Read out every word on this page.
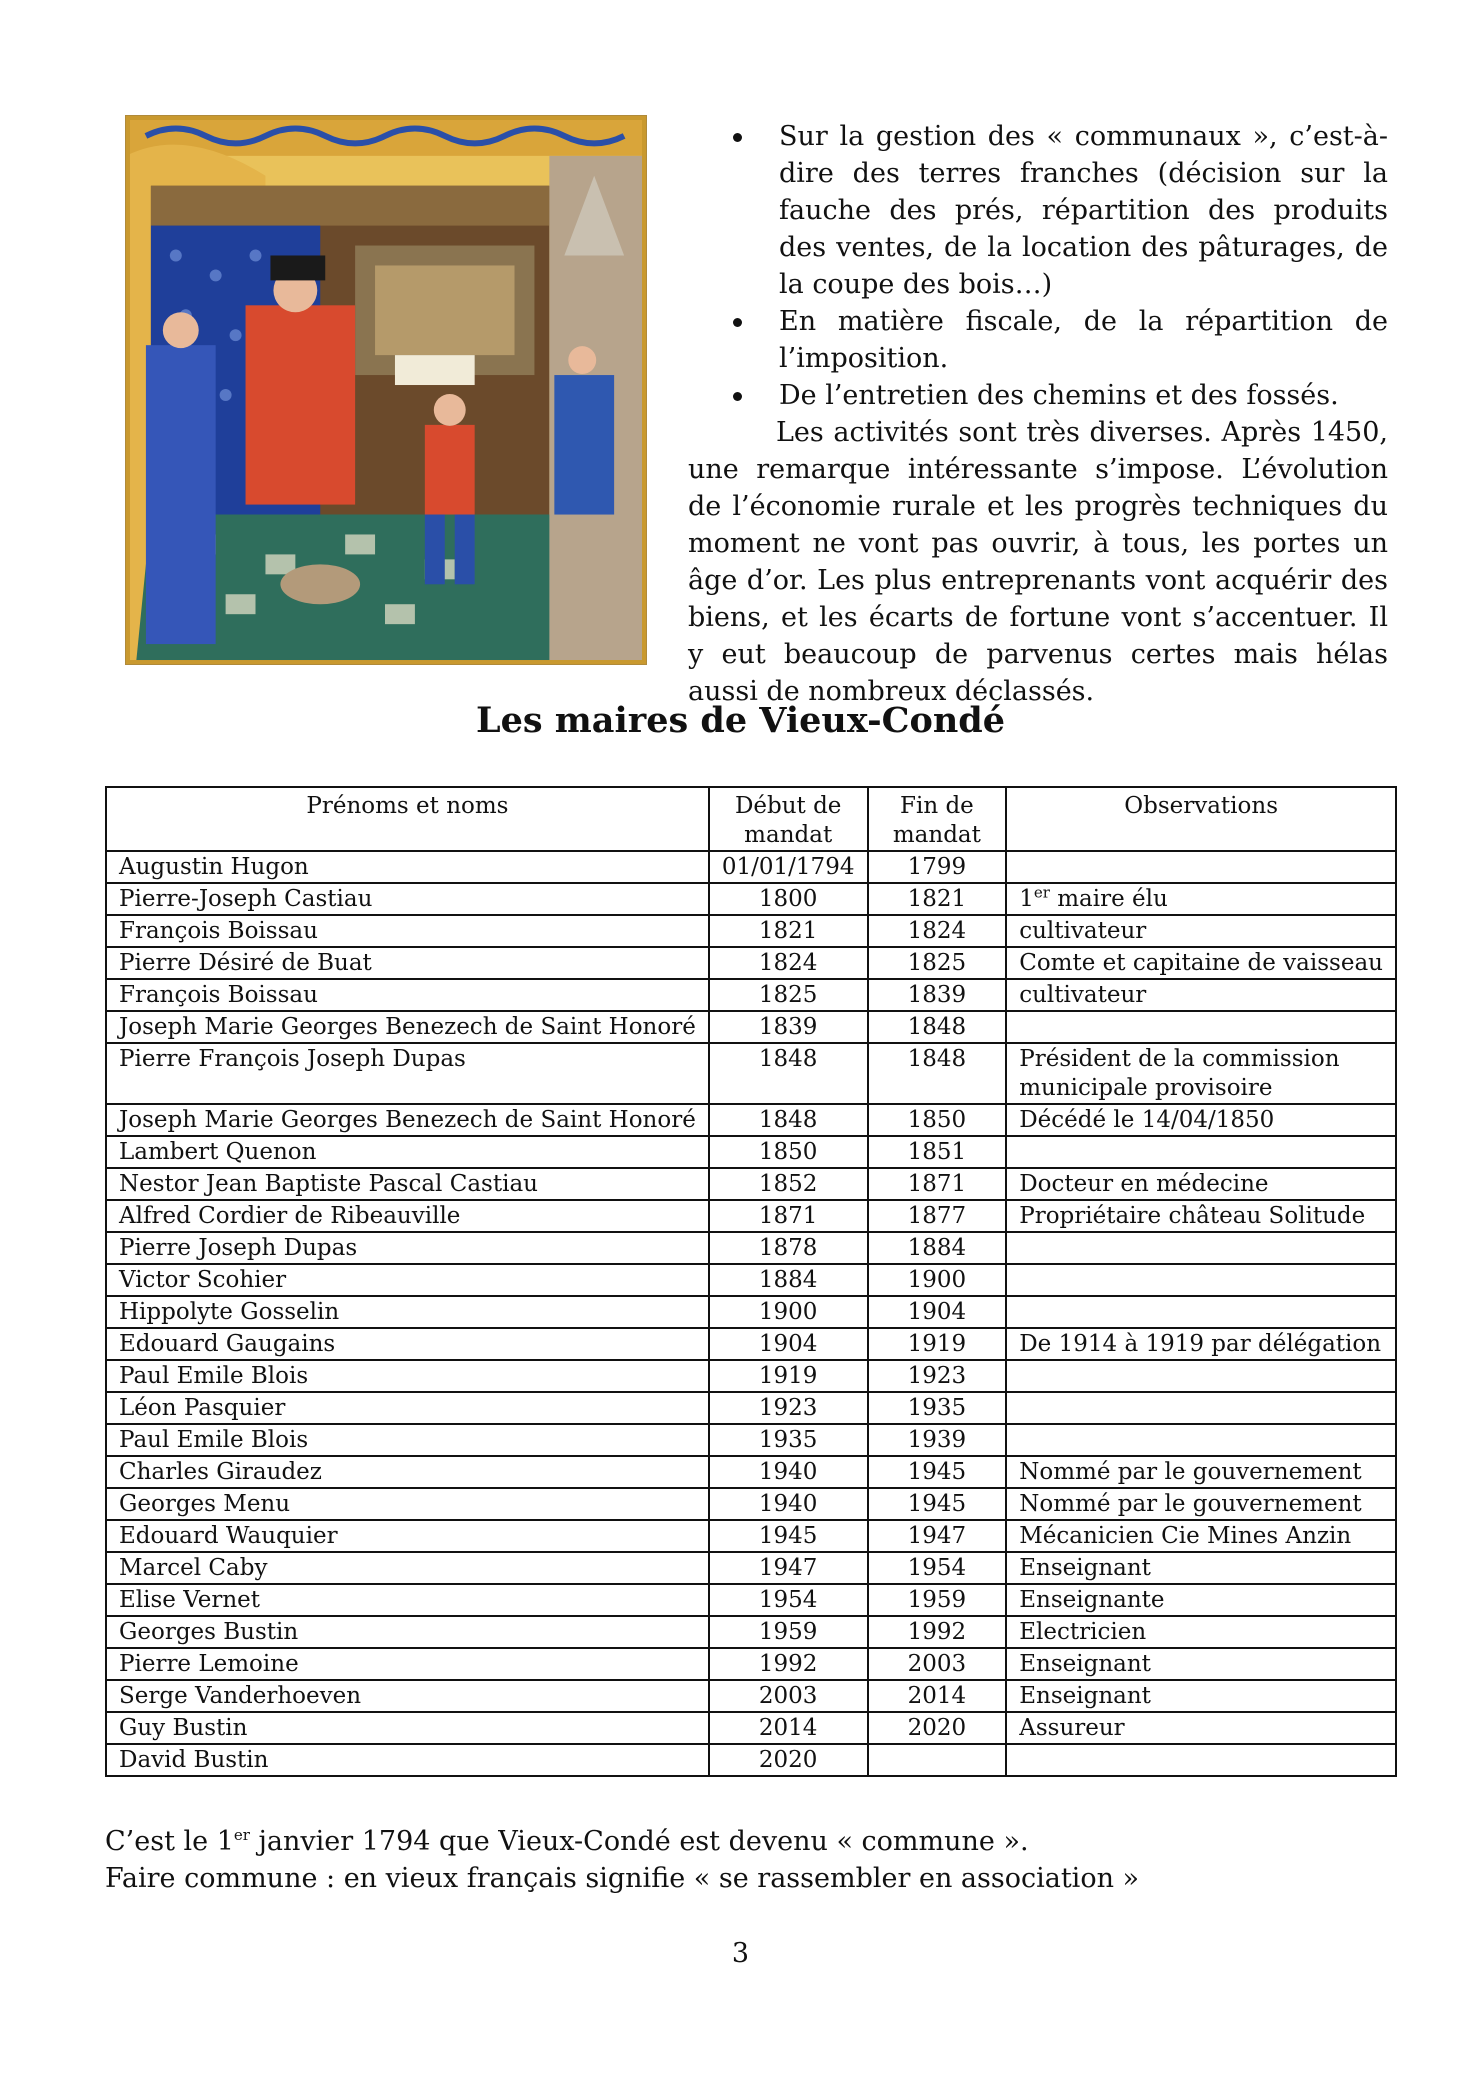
Sur la gestion des « communaux », c’est-à-dire des terres franches (décision sur la fauche des prés, répartition des produits des ventes, de la location des pâturages, de la coupe des bois…)
En matière fiscale, de la répartition de l’imposition.
De l’entretien des chemins et des fossés.

Les activités sont très diverses. Après 1450, une remarque intéressante s’impose. L’évolution de l’économie rurale et les progrès techniques du moment ne vont pas ouvrir, à tous, les portes un âge d’or. Les plus entreprenants vont acquérir des biens, et les écarts de fortune vont s’accentuer. Il y eut beaucoup de parvenus certes mais hélas aussi de nombreux déclassés.

Les maires de Vieux-Condé
Prénoms et noms	Début de mandat	Fin de mandat	Observations
Augustin Hugon	01/01/1794	1799	
Pierre-Joseph Castiau	1800	1821	1er maire élu
François Boissau	1821	1824	cultivateur
Pierre Désiré de Buat	1824	1825	Comte et capitaine de vaisseau
François Boissau	1825	1839	cultivateur
Joseph Marie Georges Benezech de Saint Honoré	1839	1848	
Pierre François Joseph Dupas	1848	1848	Président de la commission
municipale provisoire

Joseph Marie Georges Benezech de Saint Honoré	1848	1850	Décédé le 14/04/1850
Lambert Quenon	1850	1851	
Nestor Jean Baptiste Pascal Castiau	1852	1871	Docteur en médecine
Alfred Cordier de Ribeauville	1871	1877	Propriétaire château Solitude
Pierre Joseph Dupas	1878	1884	
Victor Scohier	1884	1900	
Hippolyte Gosselin	1900	1904	
Edouard Gaugains	1904	1919	De 1914 à 1919 par délégation
Paul Emile Blois	1919	1923	
Léon Pasquier	1923	1935	
Paul Emile Blois	1935	1939	
Charles Giraudez	1940	1945	Nommé par le gouvernement
Georges Menu	1940	1945	Nommé par le gouvernement
Edouard Wauquier	1945	1947	Mécanicien Cie Mines Anzin
Marcel Caby	1947	1954	Enseignant
Elise Vernet	1954	1959	Enseignante
Georges Bustin	1959	1992	Electricien
Pierre Lemoine	1992	2003	Enseignant
Serge Vanderhoeven	2003	2014	Enseignant
Guy Bustin	2014	2020	Assureur
David Bustin	2020		
C’est le 1er janvier 1794 que Vieux-Condé est devenu « commune ».
Faire commune : en vieux français signifie « se rassembler en association »
3
